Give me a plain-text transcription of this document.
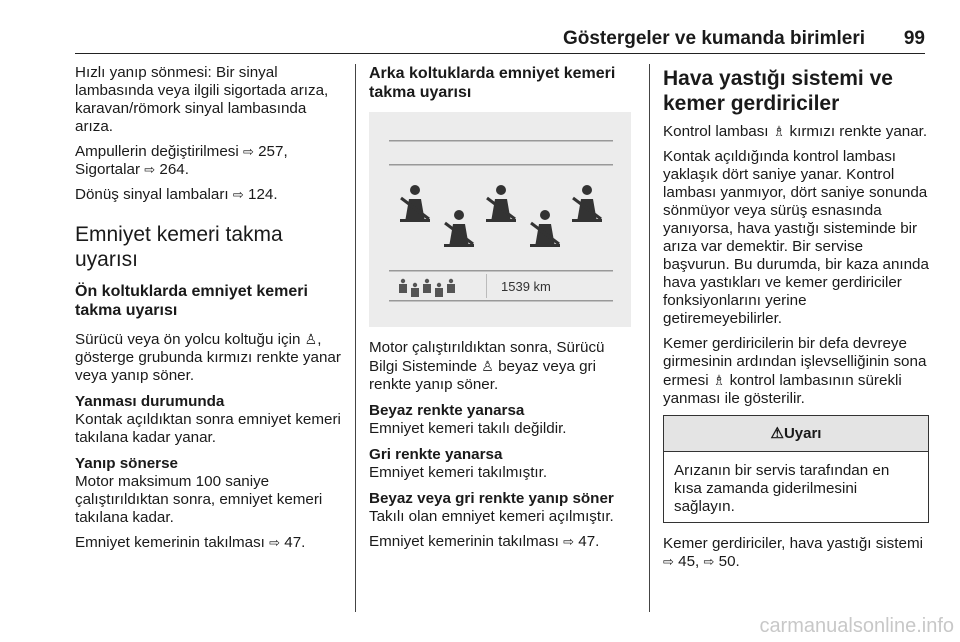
Göstergeler ve kumanda birimleri 99

Hızlı yanıp sönmesi: Bir sinyal lambasında veya ilgili sigortada arıza, karavan/römork sinyal lambasında arıza.

Ampullerin değiştirilmesi ⇨ 257,
Sigortalar ⇨ 264.

Dönüş sinyal lambaları ⇨ 124.

Emniyet kemeri takma uyarısı
Ön koltuklarda emniyet kemeri takma uyarısı

Sürücü veya ön yolcu koltuğu için ♙, gösterge grubunda kırmızı renkte yanar veya yanıp söner.

Yanması durumunda

Kontak açıldıktan sonra emniyet kemeri takılana kadar yanar.

Yanıp sönerse

Motor maksimum 100 saniye çalıştırıldıktan sonra, emniyet kemeri takılana kadar.

Emniyet kemerinin takılması ⇨ 47.

Arka koltuklarda emniyet kemeri takma uyarısı
1539 km

Motor çalıştırıldıktan sonra, Sürücü Bilgi Sisteminde ♙ beyaz veya gri renkte yanıp söner.

Beyaz renkte yanarsa

Emniyet kemeri takılı değildir.

Gri renkte yanarsa

Emniyet kemeri takılmıştır.

Beyaz veya gri renkte yanıp söner

Takılı olan emniyet kemeri açılmıştır.

Emniyet kemerinin takılması ⇨ 47.

Hava yastığı sistemi ve kemer gerdiriciler

Kontrol lambası ♗ kırmızı renkte yanar.

Kontak açıldığında kontrol lambası yaklaşık dört saniye yanar. Kontrol lambası yanmıyor, dört saniye sonunda sönmüyor veya sürüş esnasında yanıyorsa, hava yastığı sisteminde bir arıza var demektir. Bir servise başvurun. Bu durumda, bir kaza anında hava yastıkları ve kemer gerdiriciler fonksiyonlarını yerine getiremeyebilirler.

Kemer gerdiricilerin bir defa devreye girmesinin ardından işlevselliğinin sona ermesi ♗ kontrol lambasının sürekli yanması ile gösterilir.

⚠Uyarı
Arızanın bir servis tarafından en kısa zamanda giderilmesini sağlayın.

Kemer gerdiriciler, hava yastığı sistemi ⇨ 45, ⇨ 50.

carmanualsonline.info
